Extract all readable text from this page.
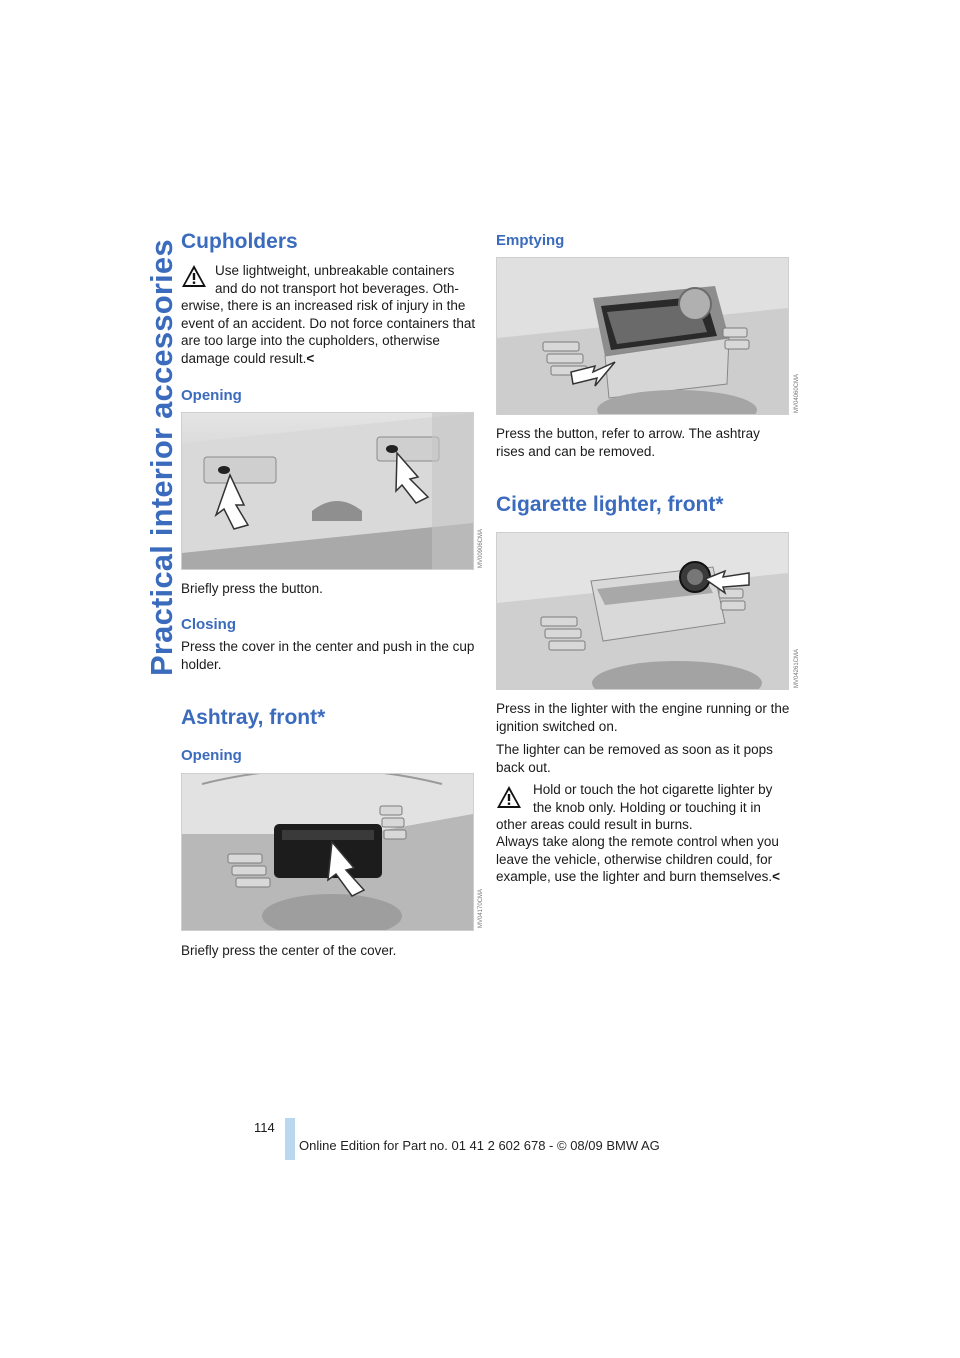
Practical interior accessories Cupholders

Use lightweight, unbreakable containers

and do not transport hot beverages. Oth-

erwise, there is an increased risk of injury in the event of an accident. Do not force containers that are too large into the cupholders, otherwise damage could result.<

Opening
MV00906CMA

Briefly press the button.

Closing

Press the cover in the center and push in the cup holder.

Ashtray, front*
Opening
MV04170CMA

Briefly press the center of the cover.

Emptying
MV04060CMA

Press the button, refer to arrow. The ashtray rises and can be removed.

Cigarette lighter, front*
MV04261CMA

Press in the lighter with the engine running or the ignition switched on.

The lighter can be removed as soon as it pops back out.

Hold or touch the hot cigarette lighter by

the knob only. Holding or touching it in

other areas could result in burns.

Always take along the remote control when you leave the vehicle, otherwise children could, for example, use the lighter and burn themselves.<

114
Online Edition for Part no. 01 41 2 602 678 - © 08/09 BMW AG
